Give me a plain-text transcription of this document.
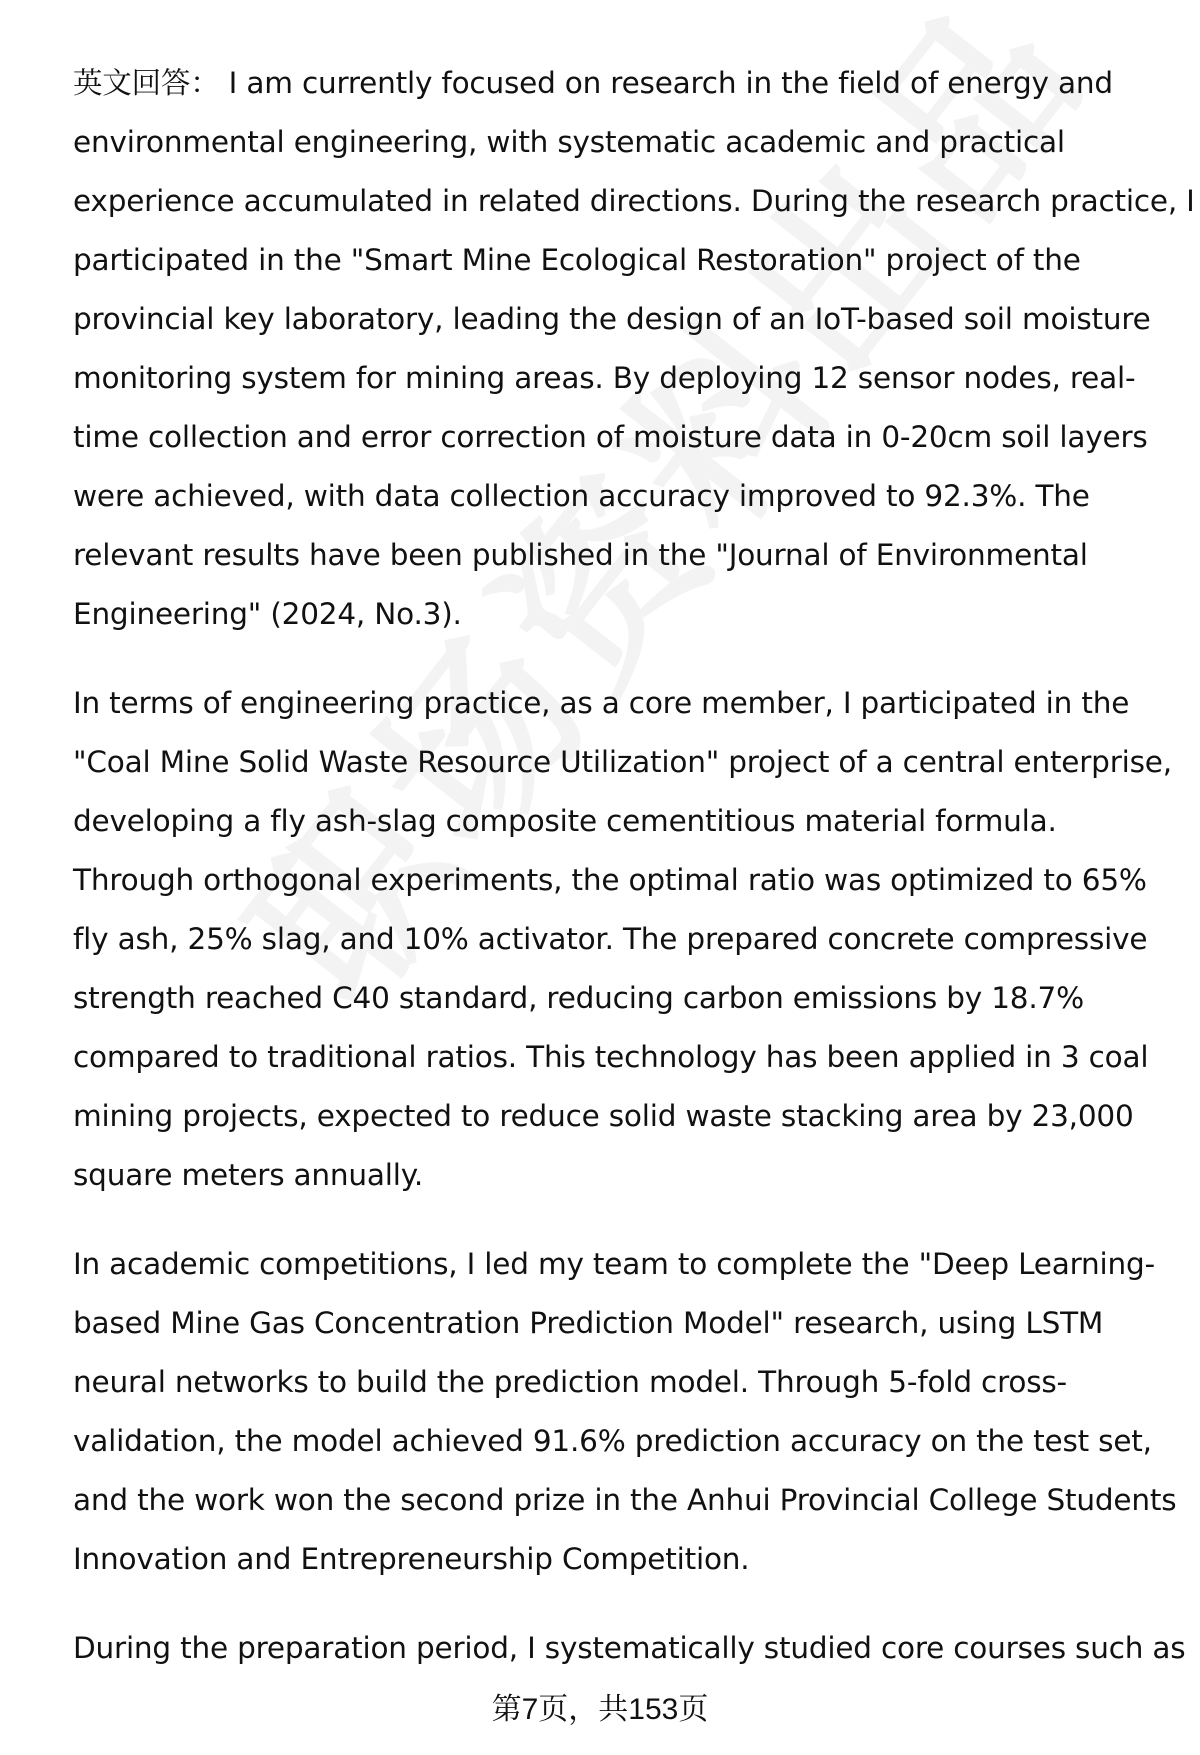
英文回答： I am currently focused on research in the field of energy and
environmental engineering, with systematic academic and practical
experience accumulated in related directions. During the research practice, I
participated in the "Smart Mine Ecological Restoration" project of the
provincial key laboratory, leading the design of an IoT-based soil moisture
monitoring system for mining areas. By deploying 12 sensor nodes, real-
time collection and error correction of moisture data in 0-20cm soil layers
were achieved, with data collection accuracy improved to 92.3%. The
relevant results have been published in the "Journal of Environmental
Engineering" (2024, No.3).

In terms of engineering practice, as a core member, I participated in the
"Coal Mine Solid Waste Resource Utilization" project of a central enterprise,
developing a fly ash-slag composite cementitious material formula.
Through orthogonal experiments, the optimal ratio was optimized to 65%
fly ash, 25% slag, and 10% activator. The prepared concrete compressive
strength reached C40 standard, reducing carbon emissions by 18.7%
compared to traditional ratios. This technology has been applied in 3 coal
mining projects, expected to reduce solid waste stacking area by 23,000
square meters annually.

In academic competitions, I led my team to complete the "Deep Learning-
based Mine Gas Concentration Prediction Model" research, using LSTM
neural networks to build the prediction model. Through 5-fold cross-
validation, the model achieved 91.6% prediction accuracy on the test set,
and the work won the second prize in the Anhui Provincial College Students
Innovation and Entrepreneurship Competition.

During the preparation period, I systematically studied core courses such as

第7页，共153页
